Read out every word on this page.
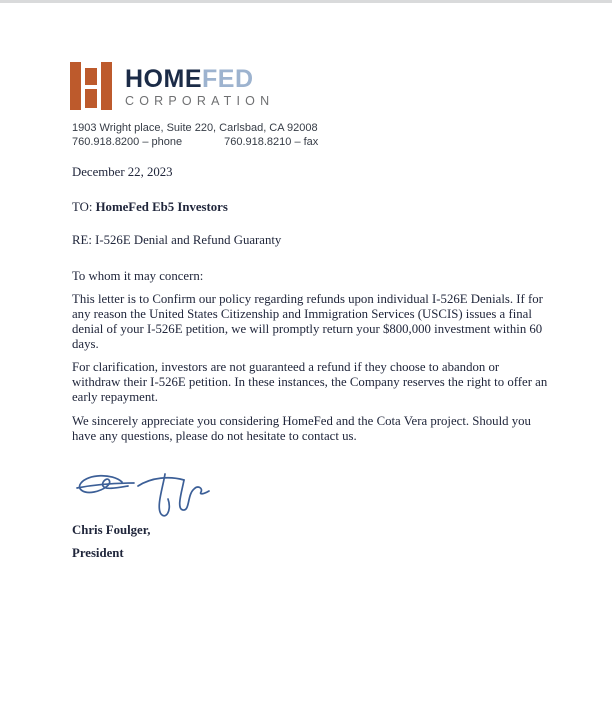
HOMEFED
CORPORATION
1903 Wright place, Suite 220, Carlsbad, CA 92008
760.918.8200 – phone	760.918.8210 – fax
December 22, 2023
TO: HomeFed Eb5 Investors
RE: I-526E Denial and Refund Guaranty
To whom it may concern:

This letter is to Confirm our policy regarding refunds upon individual I-526E Denials. If for any reason the United States Citizenship and Immigration Services (USCIS) issues a final denial of your I-526E petition, we will promptly return your $800,000 investment within 60 days.

For clarification, investors are not guaranteed a refund if they choose to abandon or withdraw their I-526E petition. In these instances, the Company reserves the right to offer an early repayment.

We sincerely appreciate you considering HomeFed and the Cota Vera project. Should you have any questions, please do not hesitate to contact us.

Chris Foulger,
President
